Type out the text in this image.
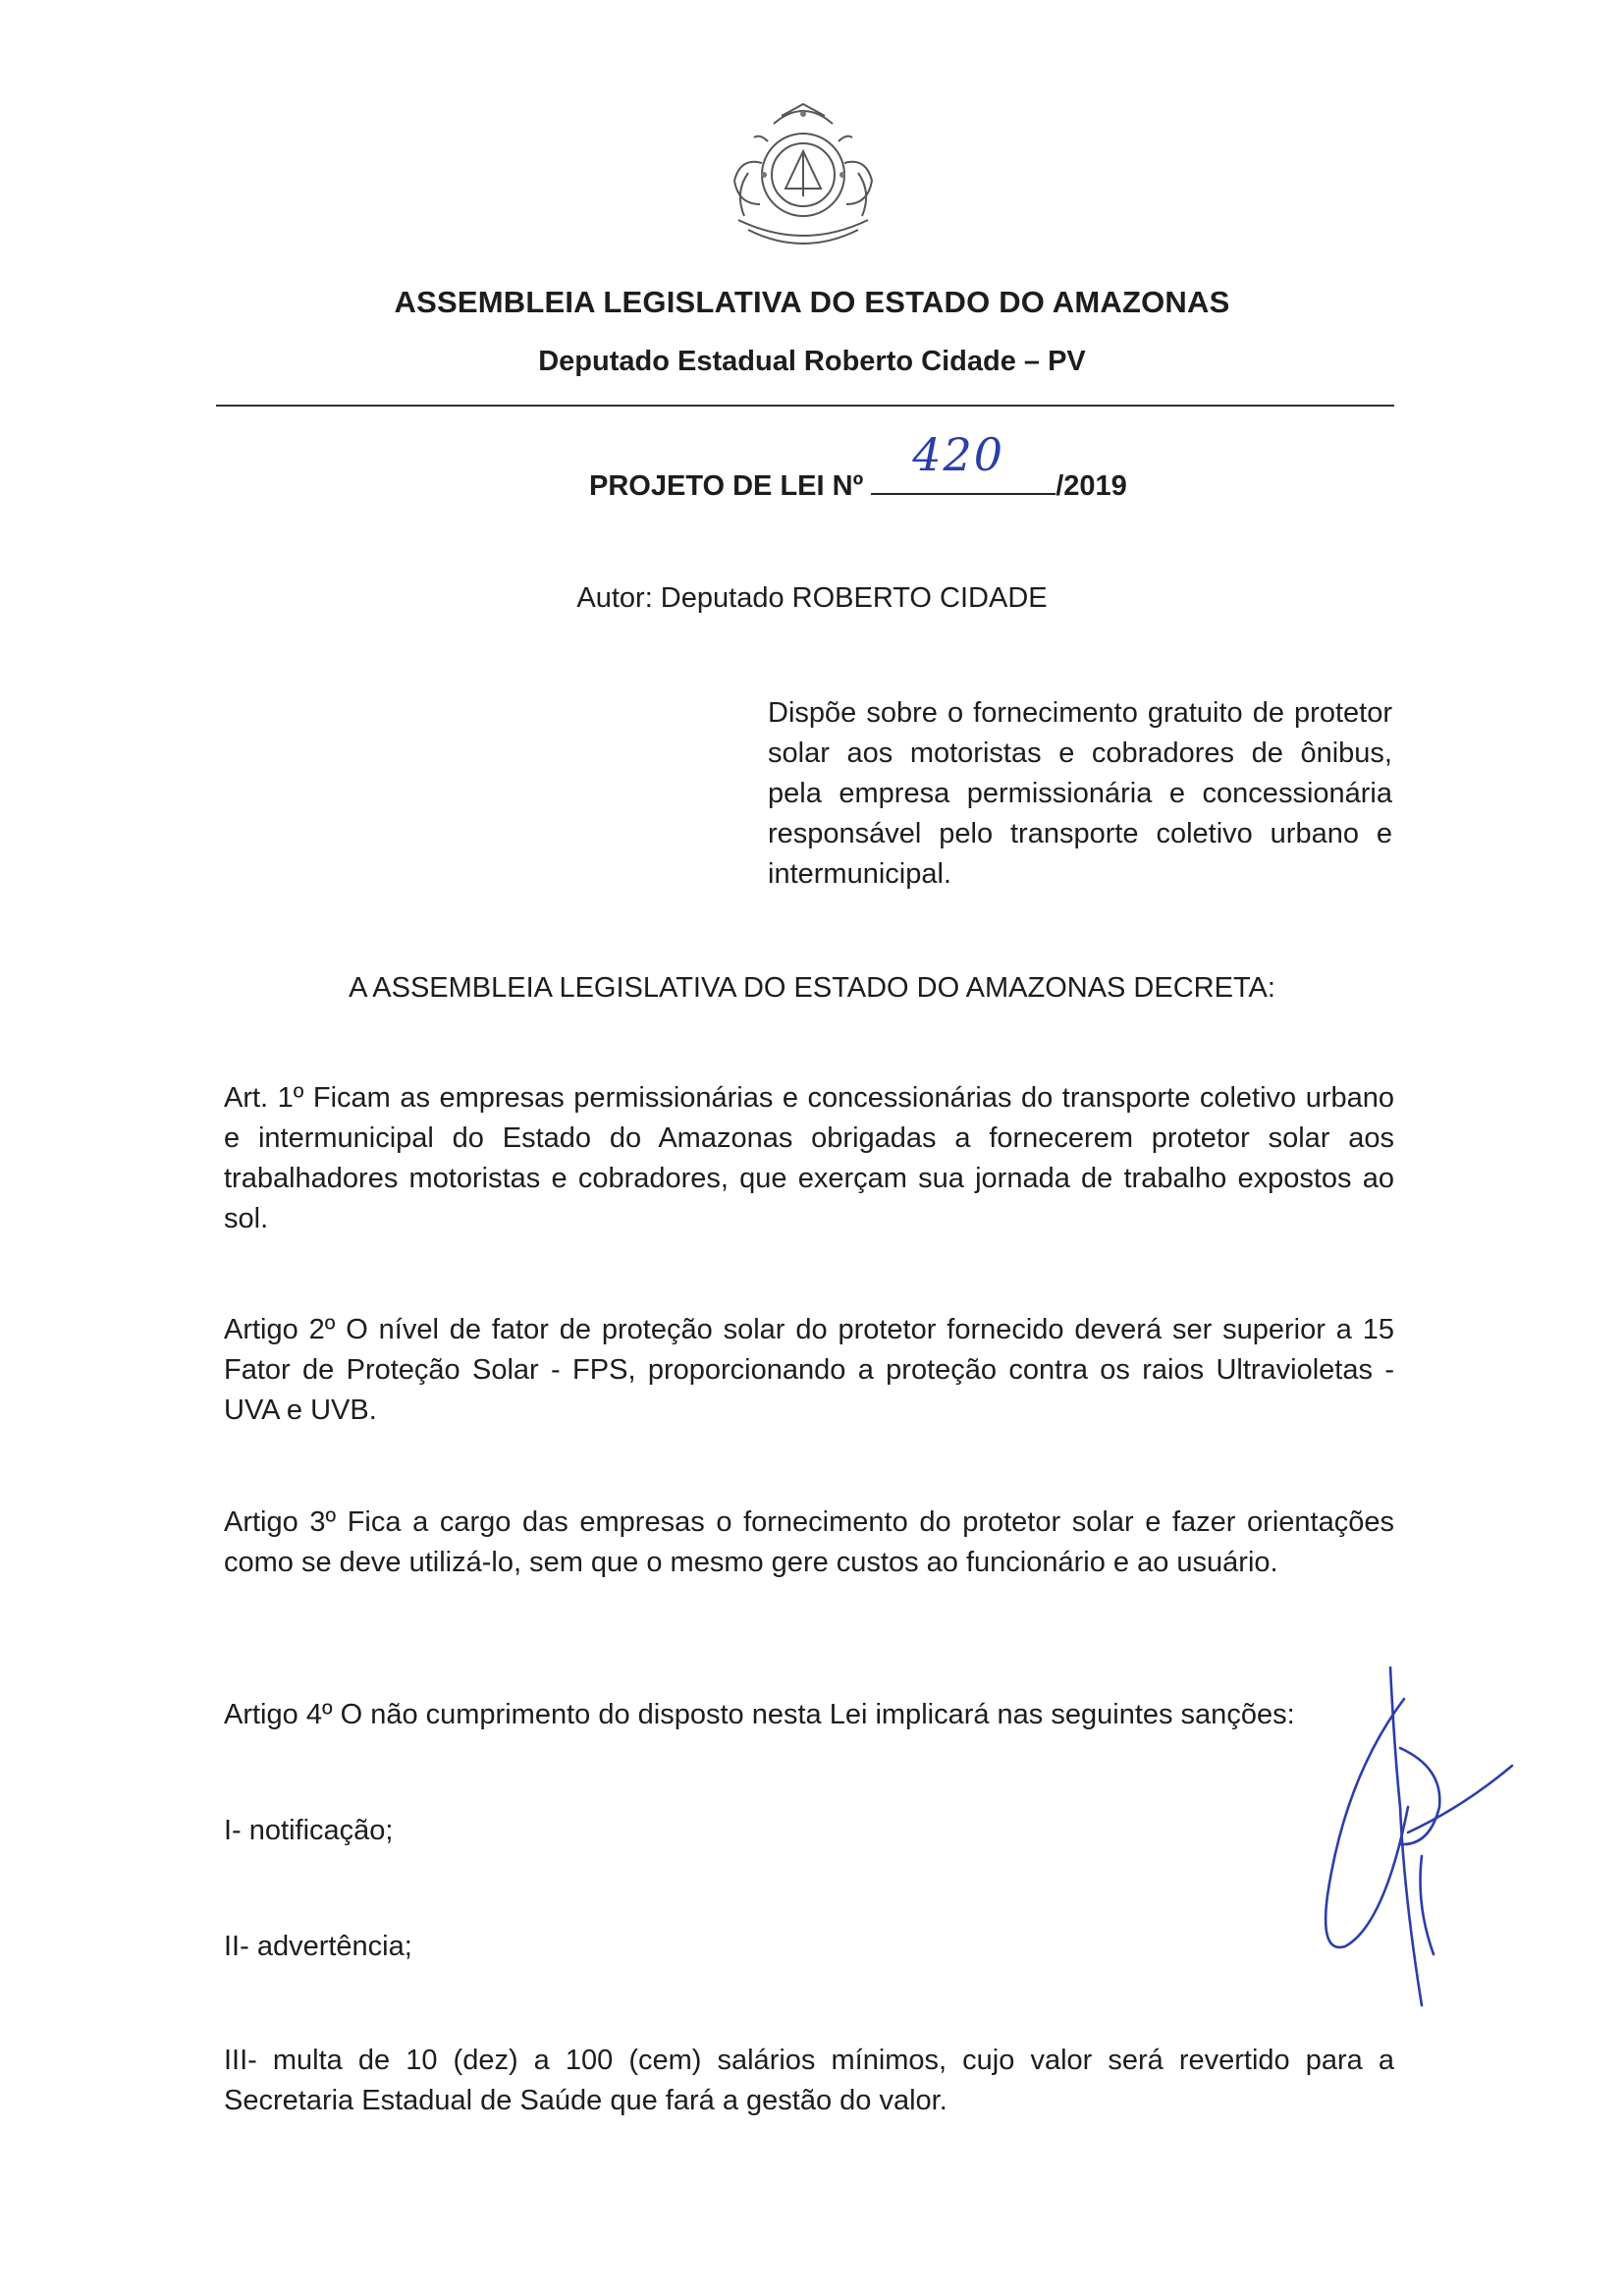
ASSEMBLEIA LEGISLATIVA DO ESTADO DO AMAZONAS
Deputado Estadual Roberto Cidade – PV
PROJETO DE LEI Nº
420
/2019
Autor: Deputado ROBERTO CIDADE
Dispõe sobre o fornecimento gratuito de protetor solar aos motoristas e cobradores de ônibus, pela empresa permissionária e concessionária responsável pelo transporte coletivo urbano e intermunicipal.
A ASSEMBLEIA LEGISLATIVA DO ESTADO DO AMAZONAS DECRETA:
Art. 1º Ficam as empresas permissionárias e concessionárias do transporte coletivo urbano e intermunicipal do Estado do Amazonas obrigadas a fornecerem protetor solar aos trabalhadores motoristas e cobradores, que exerçam sua jornada de trabalho expostos ao sol.
Artigo 2º O nível de fator de proteção solar do protetor fornecido deverá ser superior a 15 Fator de Proteção Solar - FPS, proporcionando a proteção contra os raios Ultravioletas - UVA e UVB.
Artigo 3º Fica a cargo das empresas o fornecimento do protetor solar e fazer orientações como se deve utilizá-lo, sem que o mesmo gere custos ao funcionário e ao usuário.
Artigo 4º O não cumprimento do disposto nesta Lei implicará nas seguintes sanções:
I- notificação;
II- advertência;
III- multa de 10 (dez) a 100 (cem) salários mínimos, cujo valor será revertido para a Secretaria Estadual de Saúde que fará a gestão do valor.
